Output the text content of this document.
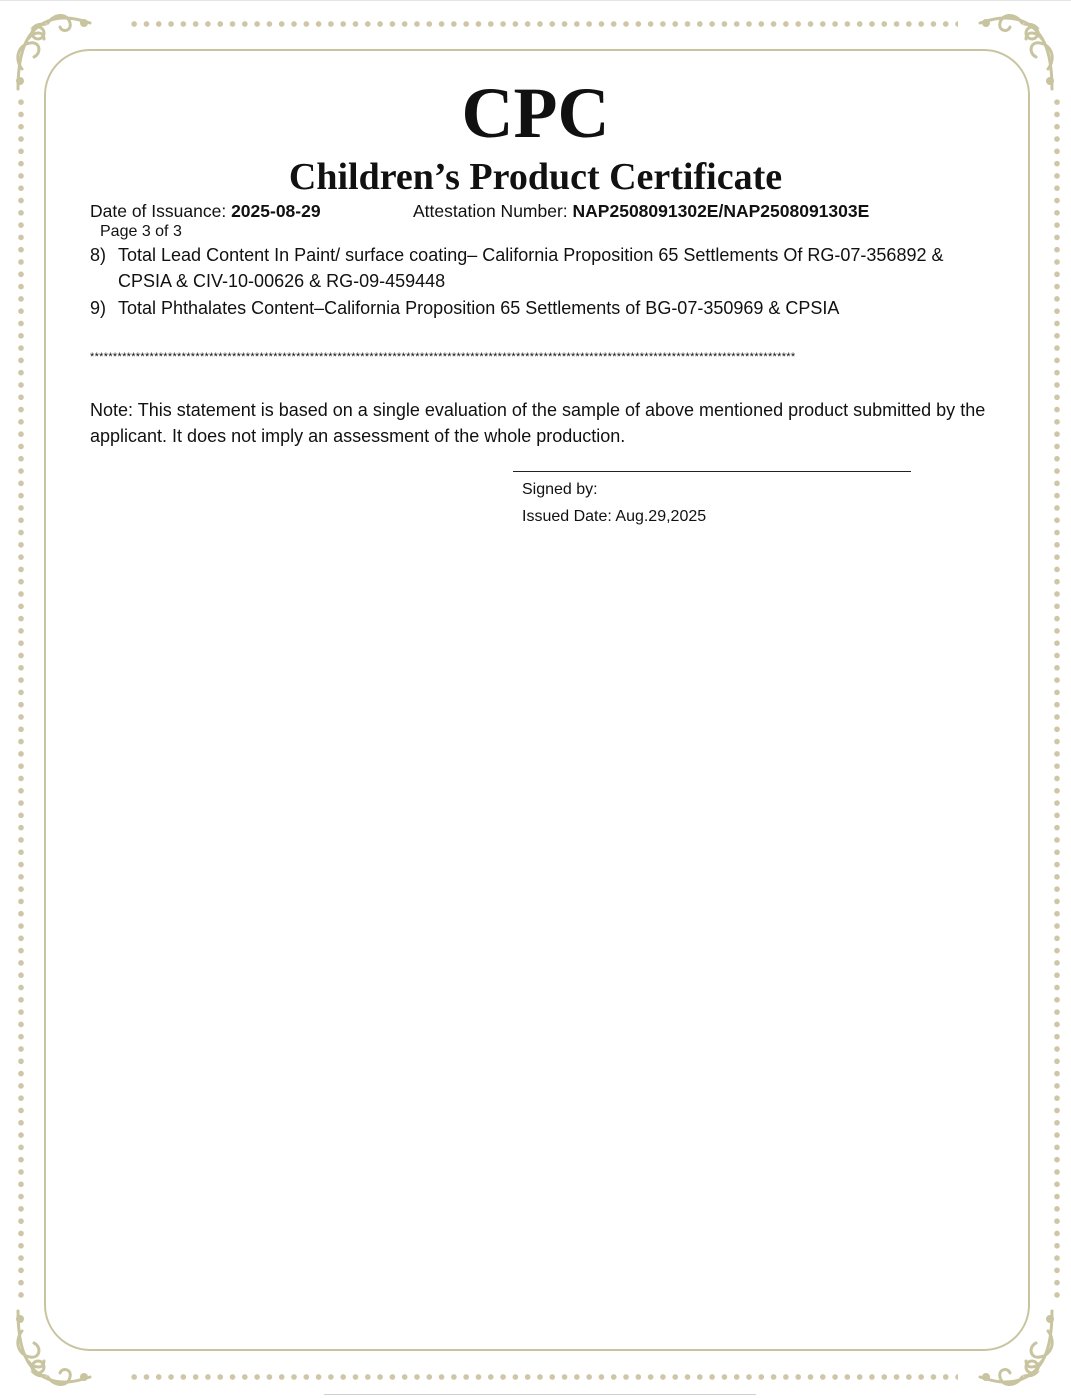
CPC
Children’s Product Certificate
Date of Issuance: 2025-08-29	Attestation Number: NAP2508091302E/NAP2508091303E
Page 3 of 3
8) Total Lead Content In Paint/ surface coating– California Proposition 65 Settlements Of RG-07-356892 & CPSIA & CIV-10-00626 & RG-09-459448
9) Total Phthalates Content–California Proposition 65 Settlements of BG-07-350969 & CPSIA
**********************************************************************************************************************************************************
Note: This statement is based on a single evaluation of the sample of above mentioned product submitted by the applicant. It does not imply an assessment of the whole production.
Signed by:
Issued Date: Aug.29,2025
